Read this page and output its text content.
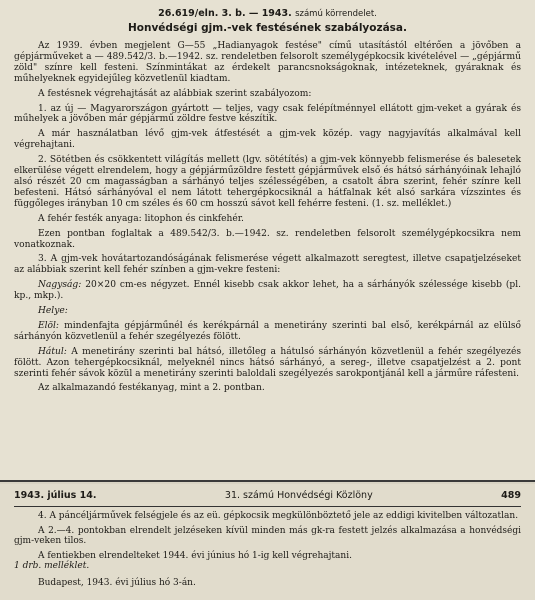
26.619/eln. 3. b. — 1943. számú körrendelet.
Honvédségi gjm.-vek festésének szabályozása.

Az 1939. évben megjelent G—55 „Hadianyagok festése" című utasítástól eltérően a jövőben a gépjárműveket a — 489.542/3. b.—1942. sz. rendeletben felsorolt személygépkocsik kivételével — „gépjármű zöld" színre kell festeni. Színmintákat az érdekelt parancsnokságoknak, intézeteknek, gyáraknak és műhelyeknek egyidejűleg közvetlenül kiadtam.

A festésnek végrehajtását az alábbiak szerint szabályozom:

1. az új — Magyarországon gyártott — teljes, vagy csak felépítménnyel ellátott gjm-veket a gyárak és műhelyek a jövőben már gépjármű zöldre festve készítik.

A már használatban lévő gjm-vek átfestését a gjm-vek közép. vagy nagyjavítás alkalmával kell végrehajtani.

2. Sötétben és csökkentett világítás mellett (lgv. sötétítés) a gjm-vek könnyebb felismerése és balesetek elkerülése végett elrendelem, hogy a gépjárműzöldre festett gépjárművek első és hátsó sárhányóinak lehajló alsó részét 20 cm magasságban a sárhányó teljes szélességében, a csatolt ábra szerint, fehér színre kell befesteni. Hátsó sárhányóval el nem látott tehergépkocsiknál a hátfalnak két alsó sarkára vízszintes és függőleges irányban 10 cm széles és 60 cm hosszú sávot kell fehérre festeni. (1. sz. melléklet.)

A fehér festék anyaga: litophon és cinkfehér.

Ezen pontban foglaltak a 489.542/3. b.—1942. sz. rendeletben felsorolt személygépkocsikra nem vonatkoznak.

3. A gjm-vek hovátartozandóságának felismerése végett alkalmazott seregtest, illetve csapatjelzéseket az alábbiak szerint kell fehér színben a gjm-vekre festeni:

Nagyság: 20×20 cm-es négyzet. Ennél kisebb csak akkor lehet, ha a sárhányók szélessége kisebb (pl. kp., mkp.).

Helye:

Elöl: mindenfajta gépjárműnél és kerékpárnál a menetirány szerinti bal első, kerékpárnál az elülső sárhányón közvetlenül a fehér szegélyezés fölött.

Hátul: A menetirány szerinti bal hátsó, illetőleg a hátulsó sárhányón közvetlenül a fehér szegélyezés fölött. Azon tehergépkocsiknál, melyeknél nincs hátsó sárhányó, a sereg-, illetve csapatjelzést a 2. pont szerinti fehér sávok közül a menetirány szerinti baloldali szegélyezés sarokpontjánál kell a járműre ráfesteni.

Az alkalmazandó festékanyag, mint a 2. pontban.

1943. július 14.	31. számú Honvédségi Közlöny	489

4. A páncéljárművek felségjele és az eü. gépkocsik megkülönböztető jele az eddigi kivitelben változatlan.

A 2.—4. pontokban elrendelt jelzéseken kívül minden más gk-ra festett jelzés alkalmazása a honvédségi gjm-veken tilos.

A fentiekben elrendelteket 1944. évi június hó 1-ig kell végrehajtani.

1 drb. melléklet.

Budapest, 1943. évi július hó 3-án.
